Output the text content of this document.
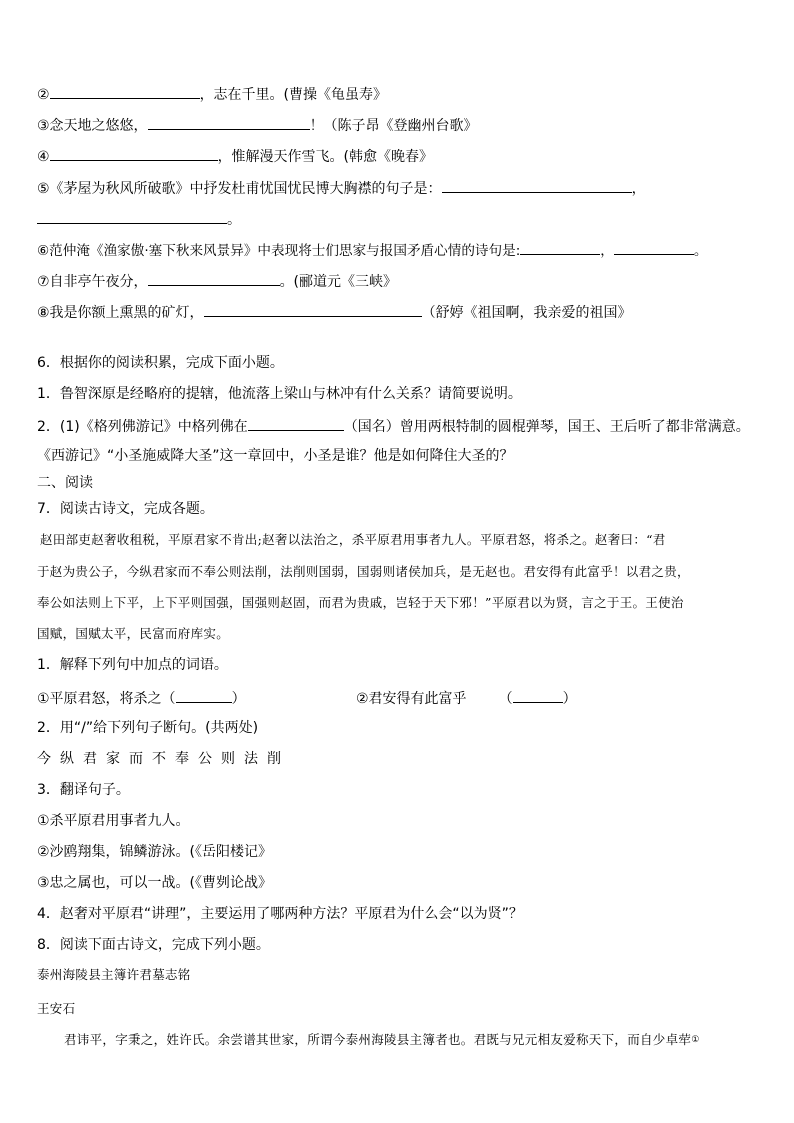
②	，志在千里。(曹操《龟虽寿》
③念天地之悠悠，	！（陈子昂《登幽州台歌》
④	，惟解漫天作雪飞。(韩愈《晚春》
⑤《茅屋为秋风所破歌》中抒发杜甫忧国忧民博大胸襟的句子是：	，
。
⑥范仲淹《渔家傲·塞下秋来风景异》中表现将士们思家与报国矛盾心情的诗句是:	，	。
⑦自非亭午夜分，	。(郦道元《三峡》
⑧我是你额上熏黑的矿灯，	（舒婷《祖国啊，我亲爱的祖国》
6．根据你的阅读积累，完成下面小题。
1．鲁智深原是经略府的提辖，他流落上梁山与林冲有什么关系？请简要说明。
2．(1)《格列佛游记》中格列佛在	（国名）曾用两根特制的圆棍弹琴，国王、王后听了都非常满意。
《西游记》“小圣施威降大圣”这一章回中，小圣是谁？他是如何降住大圣的？
二、阅读
7．阅读古诗文，完成各题。
赵田部吏赵奢收租税，平原君家不肯出;赵奢以法治之，杀平原君用事者九人。平原君怒，将杀之。赵奢曰：“君
于赵为贵公子，今纵君家而不奉公则法削，法削则国弱，国弱则诸侯加兵，是无赵也。君安得有此富乎！以君之贵，
奉公如法则上下平，上下平则国强，国强则赵固，而君为贵戚，岂轻于天下邪！”平原君以为贤，言之于王。王使治
国赋，国赋太平，民富而府库实。
1．解释下列句中加点的词语。
①平原君怒，将杀之（	）	②君安得有此富乎 （	）
2．用“/”给下列句子断句。(共两处)
今纵君家而不奉公则法削
3．翻译句子。
①杀平原君用事者九人。
②沙鸥翔集，锦鳞游泳。(《岳阳楼记》
③忠之属也，可以一战。(《曹刿论战》
4．赵奢对平原君“讲理”，主要运用了哪两种方法？平原君为什么会“以为贤”？
8．阅读下面古诗文，完成下列小题。
泰州海陵县主簿许君墓志铭
王安石
君讳平，字秉之，姓许氏。余尝谱其世家，所谓今泰州海陵县主簿者也。君既与兄元相友爱称天下，而自少卓荦①
